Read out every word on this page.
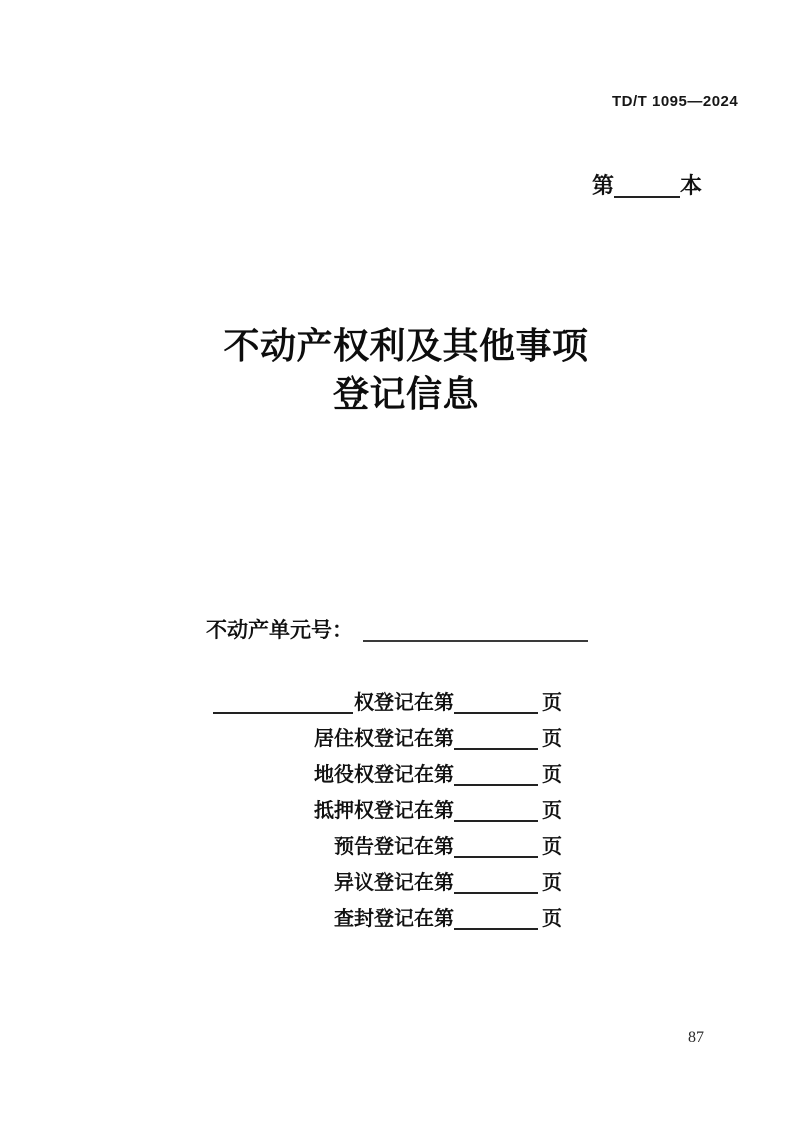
TD/T 1095—2024
第	本
不动产权利及其他事项
登记信息
不动产单元号：
权登记在第	页
居住权登记在第	页
地役权登记在第	页
抵押权登记在第	页
预告登记在第	页
异议登记在第	页
查封登记在第	页
87
